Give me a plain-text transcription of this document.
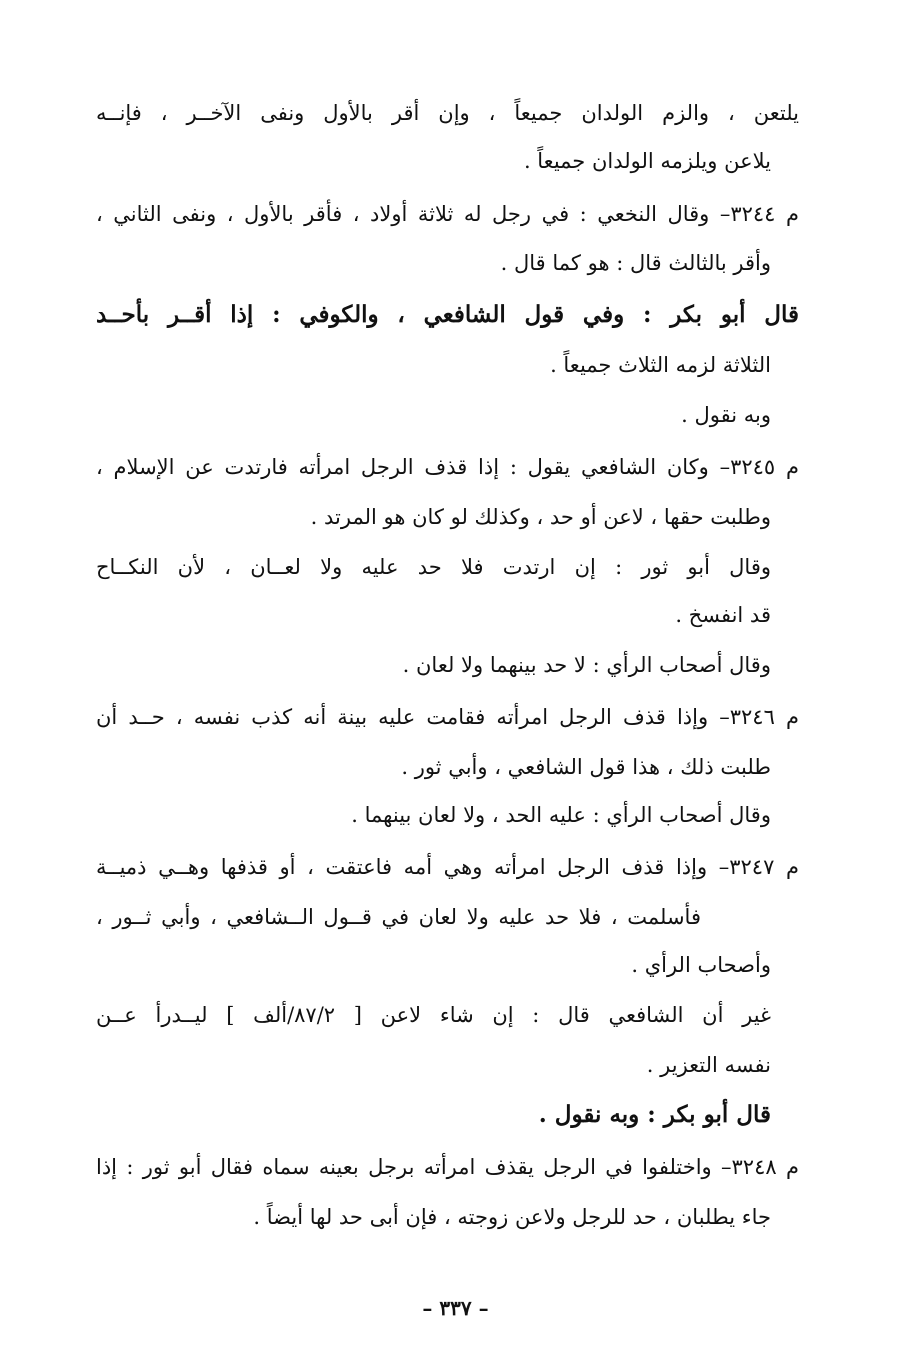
يلتعن ، والزم الولدان جميعاً ، وإن أقر بالأول ونفى الآخــر ، فإنــه
يلاعن ويلزمه الولدان جميعاً .
م ٣٢٤٤– وقال النخعي : في رجل له ثلاثة أولاد ، فأقر بالأول ، ونفى الثاني ،
وأقر بالثالث قال : هو كما قال .
قال أبو بكر : وفي قول الشافعي ، والكوفي : إذا أقــر بأحــد
الثلاثة لزمه الثلاث جميعاً .
وبه نقول .
م ٣٢٤٥– وكان الشافعي يقول : إذا قذف الرجل امرأته فارتدت عن الإسلام ،
وطلبت حقها ، لاعن أو حد ، وكذلك لو كان هو المرتد .
وقال أبو ثور : إن ارتدت فلا حد عليه ولا لعــان ، لأن النكــاح
قد انفسخ .
وقال أصحاب الرأي : لا حد بينهما ولا لعان .
م ٣٢٤٦– وإذا قذف الرجل امرأته فقامت عليه بينة أنه كذب نفسه ، حــد أن
طلبت ذلك ، هذا قول الشافعي ، وأبي ثور .
وقال أصحاب الرأي : عليه الحد ، ولا لعان بينهما .
م ٣٢٤٧– وإذا قذف الرجل امرأته وهي أمه فاعتقت ، أو قذفها وهــي ذميــة
فأسلمت ، فلا حد عليه ولا لعان في قــول الــشافعي ، وأبي ثــور ،
وأصحاب الرأي .
غير أن الشافعي قال : إن شاء لاعن [ ٨٧/٢/ألف ] ليــدرأ عــن
نفسه التعزير .
قال أبو بكر : وبه نقول .
م ٣٢٤٨– واختلفوا في الرجل يقذف امرأته برجل بعينه سماه فقال أبو ثور : إذا
جاء يطلبان ، حد للرجل ولاعن زوجته ، فإن أبى حد لها أيضاً .
– ٣٣٧ –
